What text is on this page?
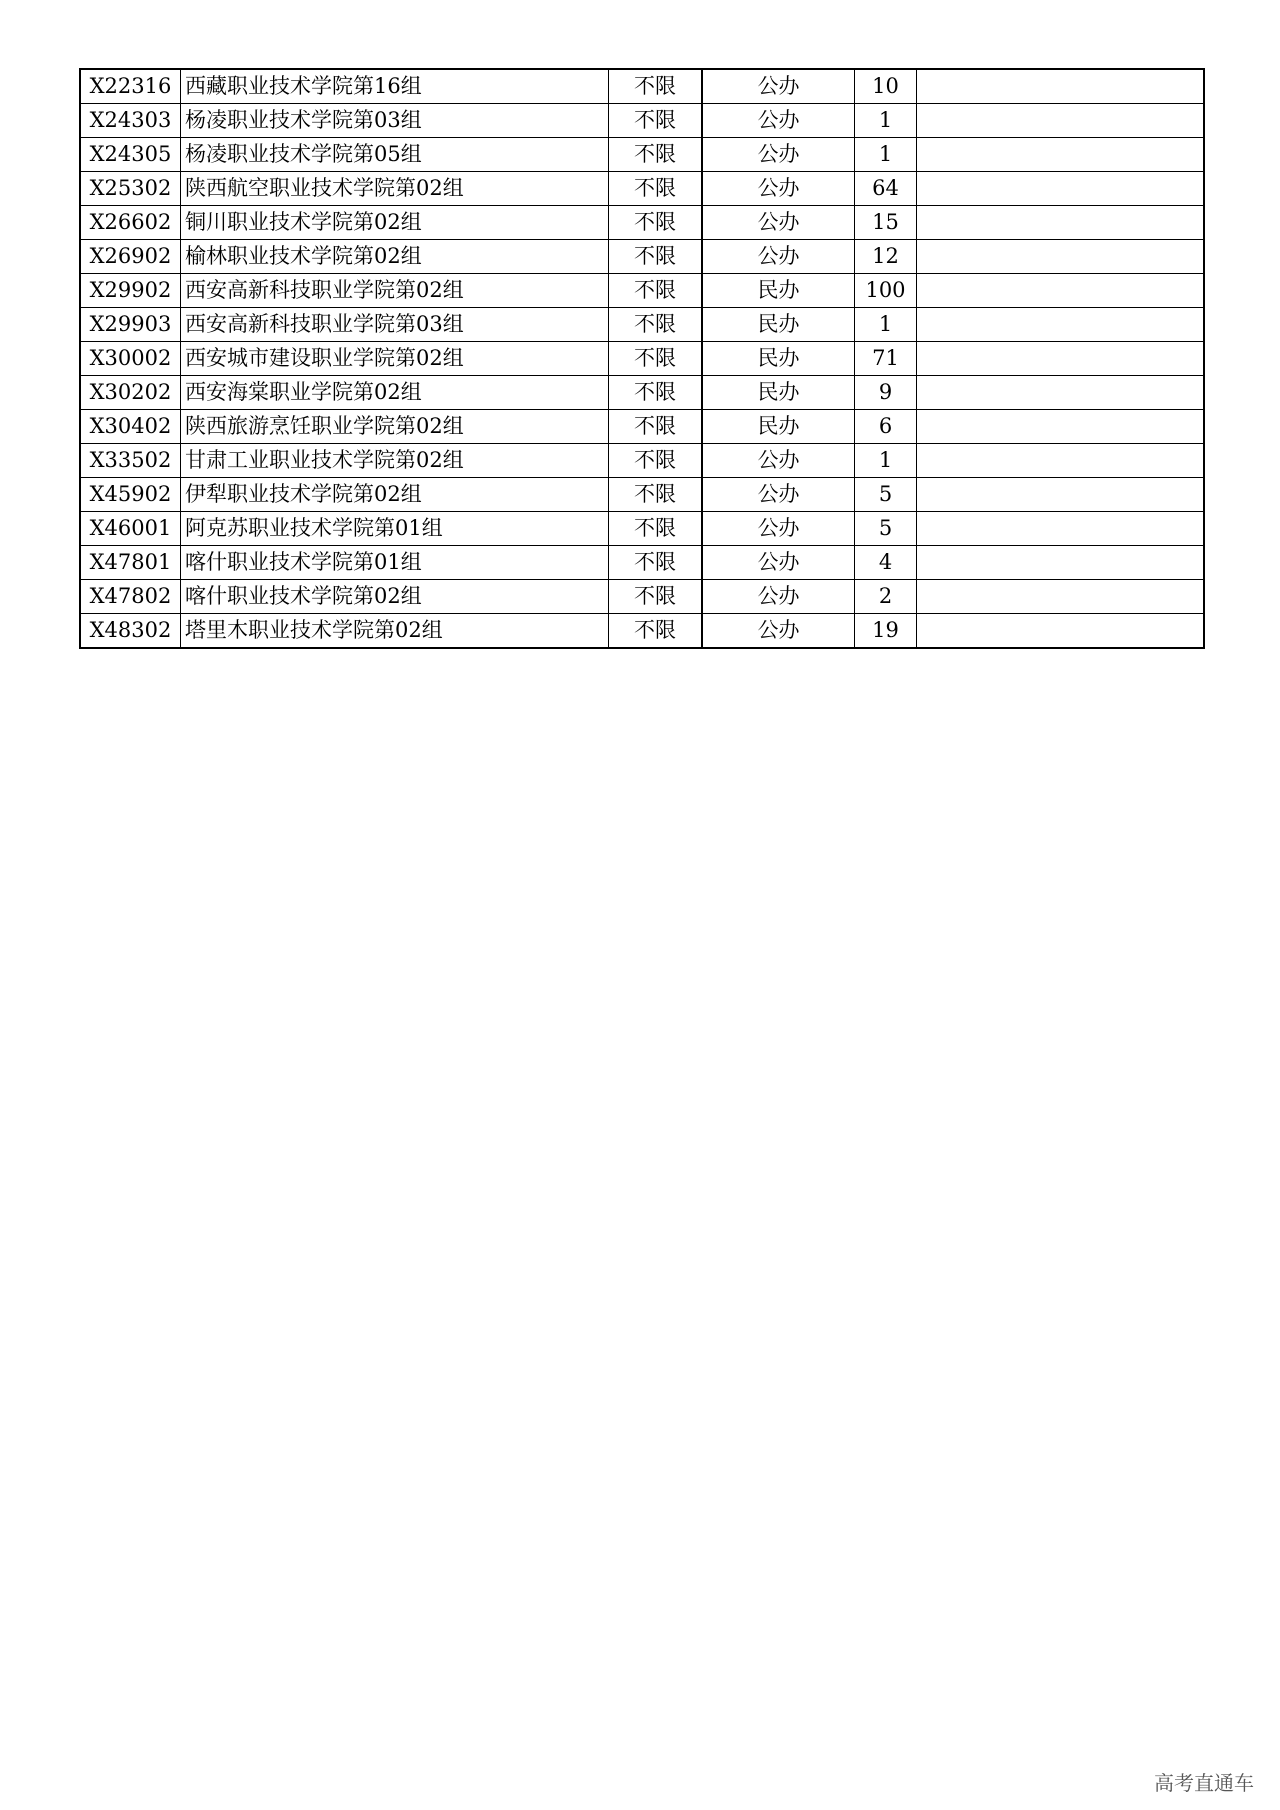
X22316	西藏职业技术学院第16组	不限	公办	10	
X24303	杨凌职业技术学院第03组	不限	公办	1	
X24305	杨凌职业技术学院第05组	不限	公办	1	
X25302	陕西航空职业技术学院第02组	不限	公办	64	
X26602	铜川职业技术学院第02组	不限	公办	15	
X26902	榆林职业技术学院第02组	不限	公办	12	
X29902	西安高新科技职业学院第02组	不限	民办	100	
X29903	西安高新科技职业学院第03组	不限	民办	1	
X30002	西安城市建设职业学院第02组	不限	民办	71	
X30202	西安海棠职业学院第02组	不限	民办	9	
X30402	陕西旅游烹饪职业学院第02组	不限	民办	6	
X33502	甘肃工业职业技术学院第02组	不限	公办	1	
X45902	伊犁职业技术学院第02组	不限	公办	5	
X46001	阿克苏职业技术学院第01组	不限	公办	5	
X47801	喀什职业技术学院第01组	不限	公办	4	
X47802	喀什职业技术学院第02组	不限	公办	2	
X48302	塔里木职业技术学院第02组	不限	公办	19	
高考直通车
